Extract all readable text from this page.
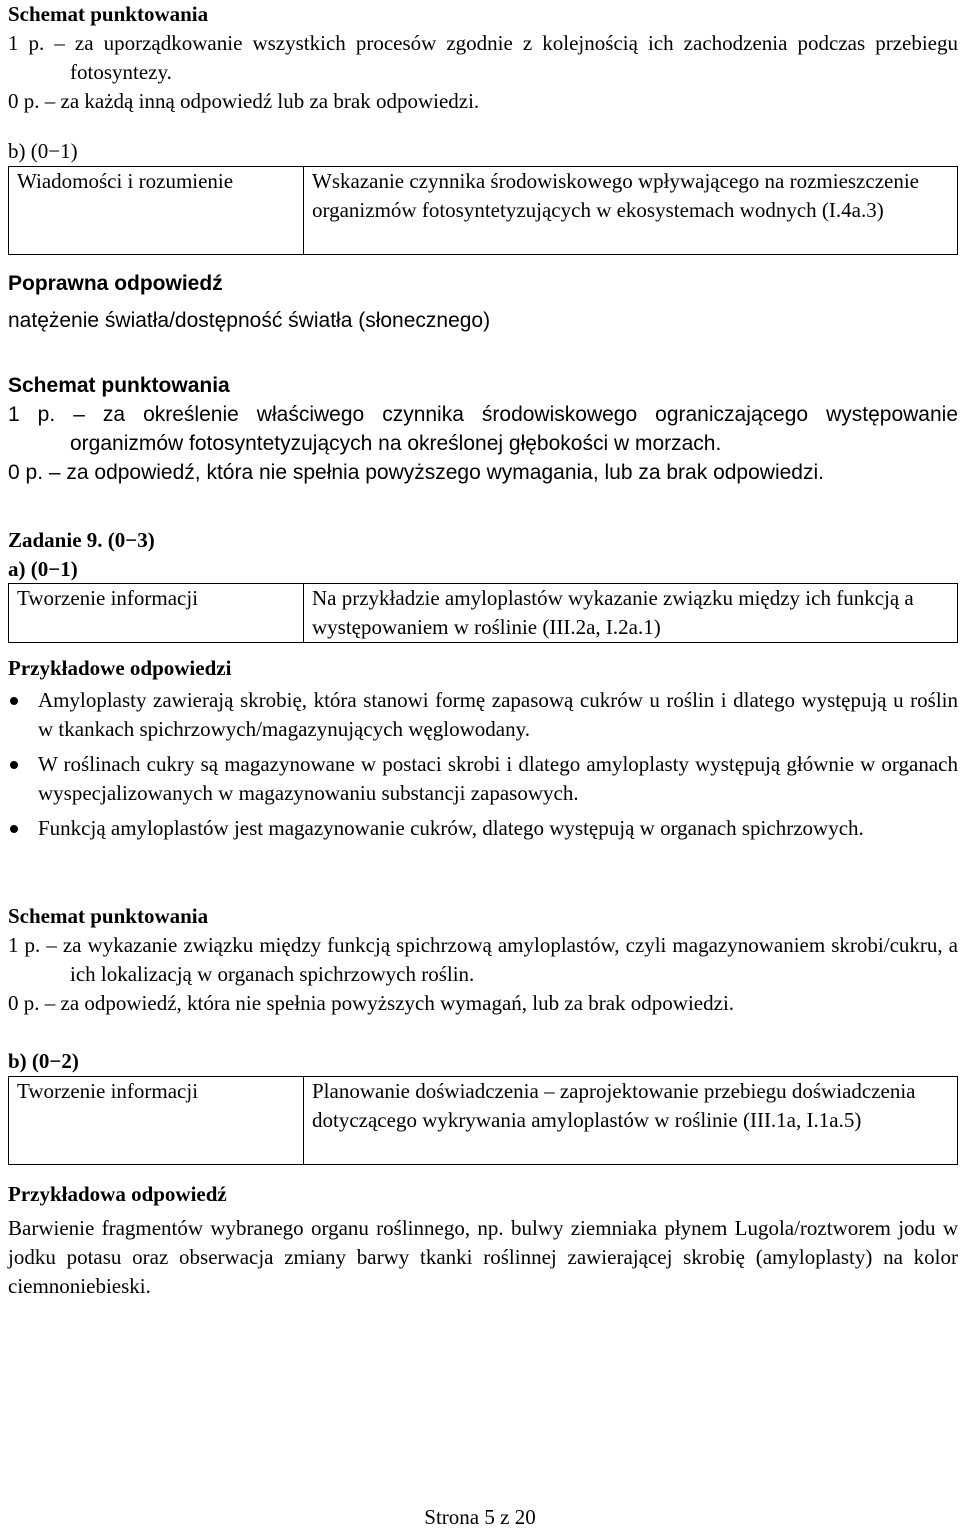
Schemat punktowania
1 p. – za uporządkowanie wszystkich procesów zgodnie z kolejnością ich zachodzenia podczas przebiegu fotosyntezy.
0 p. – za każdą inną odpowiedź lub za brak odpowiedzi.
b) (0−1)
Wiadomości i rozumienie	Wskazanie czynnika środowiskowego wpływającego na rozmieszczenie organizmów fotosyntetyzujących w ekosystemach wodnych (I.4a.3)
Poprawna odpowiedź
natężenie światła/dostępność światła (słonecznego)
Schemat punktowania
1 p. – za określenie właściwego czynnika środowiskowego ograniczającego występowanie organizmów fotosyntetyzujących na określonej głębokości w morzach.
0 p. – za odpowiedź, która nie spełnia powyższego wymagania, lub za brak odpowiedzi.
Zadanie 9. (0−3)
a) (0−1)
Tworzenie informacji	Na przykładzie amyloplastów wykazanie związku między ich funkcją a występowaniem w roślinie (III.2a, I.2a.1)
Przykładowe odpowiedzi
Amyloplasty zawierają skrobię, która stanowi formę zapasową cukrów u roślin i dlatego występują u roślin w tkankach spichrzowych/magazynujących węglowodany.
W roślinach cukry są magazynowane w postaci skrobi i dlatego amyloplasty występują głównie w organach wyspecjalizowanych w magazynowaniu substancji zapasowych.
Funkcją amyloplastów jest magazynowanie cukrów, dlatego występują w organach spichrzowych.
Schemat punktowania
1 p. – za wykazanie związku między funkcją spichrzową amyloplastów, czyli magazynowaniem skrobi/cukru, a ich lokalizacją w organach spichrzowych roślin.
0 p. – za odpowiedź, która nie spełnia powyższych wymagań, lub za brak odpowiedzi.
b) (0−2)
Tworzenie informacji	Planowanie doświadczenia – zaprojektowanie przebiegu doświadczenia dotyczącego wykrywania amyloplastów w roślinie (III.1a, I.1a.5)
Przykładowa odpowiedź
Barwienie fragmentów wybranego organu roślinnego, np. bulwy ziemniaka płynem Lugola/roztworem jodu w jodku potasu oraz obserwacja zmiany barwy tkanki roślinnej zawierającej skrobię (amyloplasty) na kolor ciemnoniebieski.
Strona 5 z 20
